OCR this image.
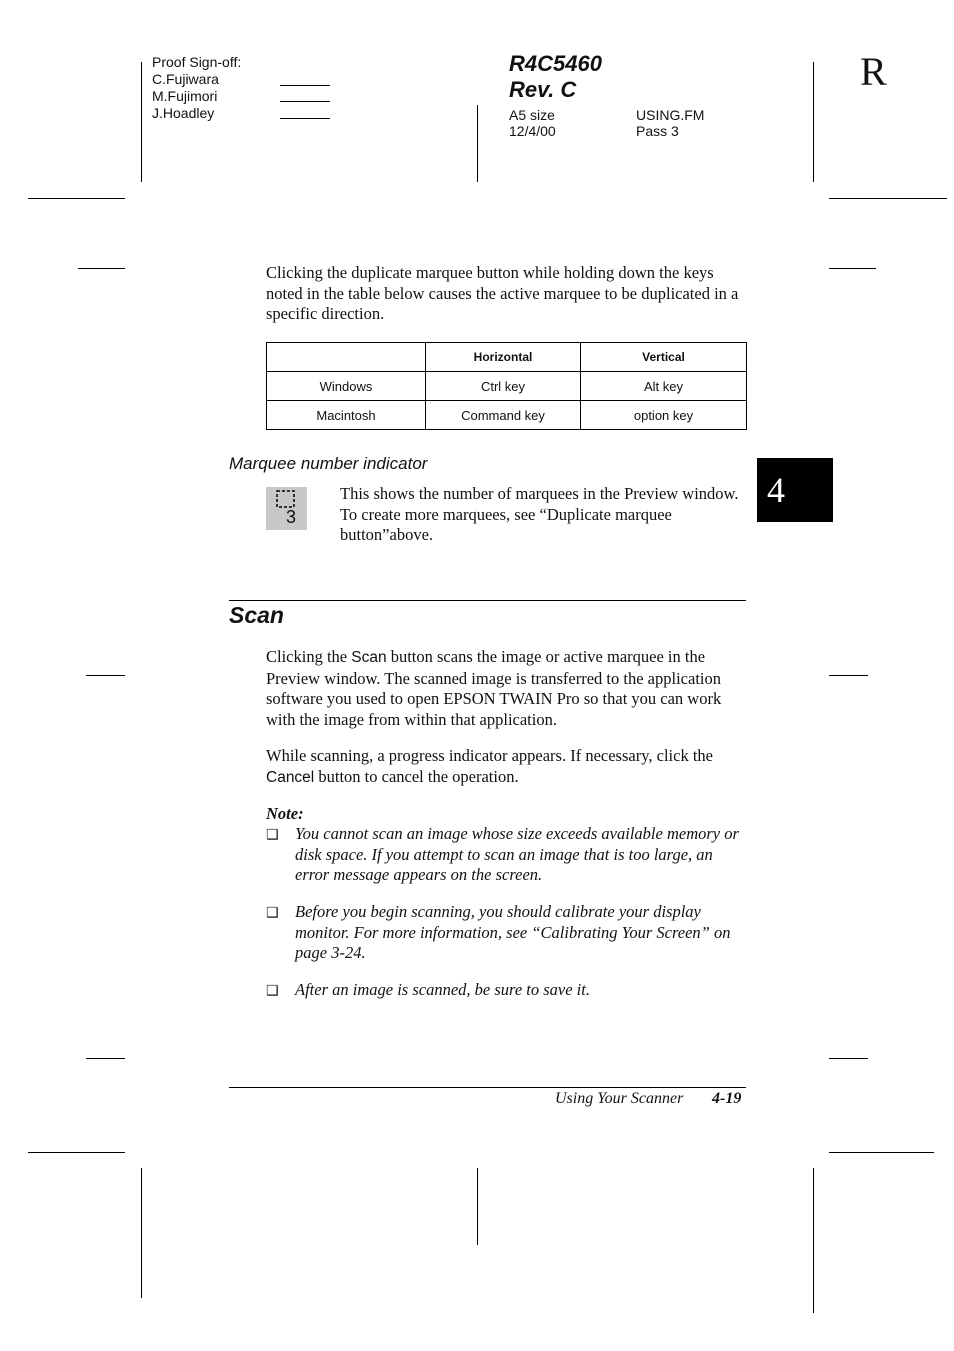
Proof Sign-off:
C.Fujiwara
M.Fujimori
J.Hoadley
R4C5460
Rev. C
A5 size
12/4/00
USING.FM
Pass 3
R
4
Clicking the duplicate marquee button while holding down the keys noted in the table below causes the active marquee to be duplicated in a specific direction.
	Horizontal	Vertical
Windows	Ctrl key	Alt key
Macintosh	Command key	option key
Marquee number indicator
3
This shows the number of marquees in the Preview window. To create more marquees, see “Duplicate marquee button”above.
Scan
Clicking the Scan button scans the image or active marquee in the Preview window. The scanned image is transferred to the application software you used to open EPSON TWAIN Pro so that you can work with the image from within that application.
While scanning, a progress indicator appears. If necessary, click the Cancel button to cancel the operation.
Note:
❑ You cannot scan an image whose size exceeds available memory or disk space. If you attempt to scan an image that is too large, an error message appears on the screen.
❑ Before you begin scanning, you should calibrate your display monitor. For more information, see “Calibrating Your Screen” on page 3-24.
❑ After an image is scanned, be sure to save it.
Using Your Scanner 4-19
